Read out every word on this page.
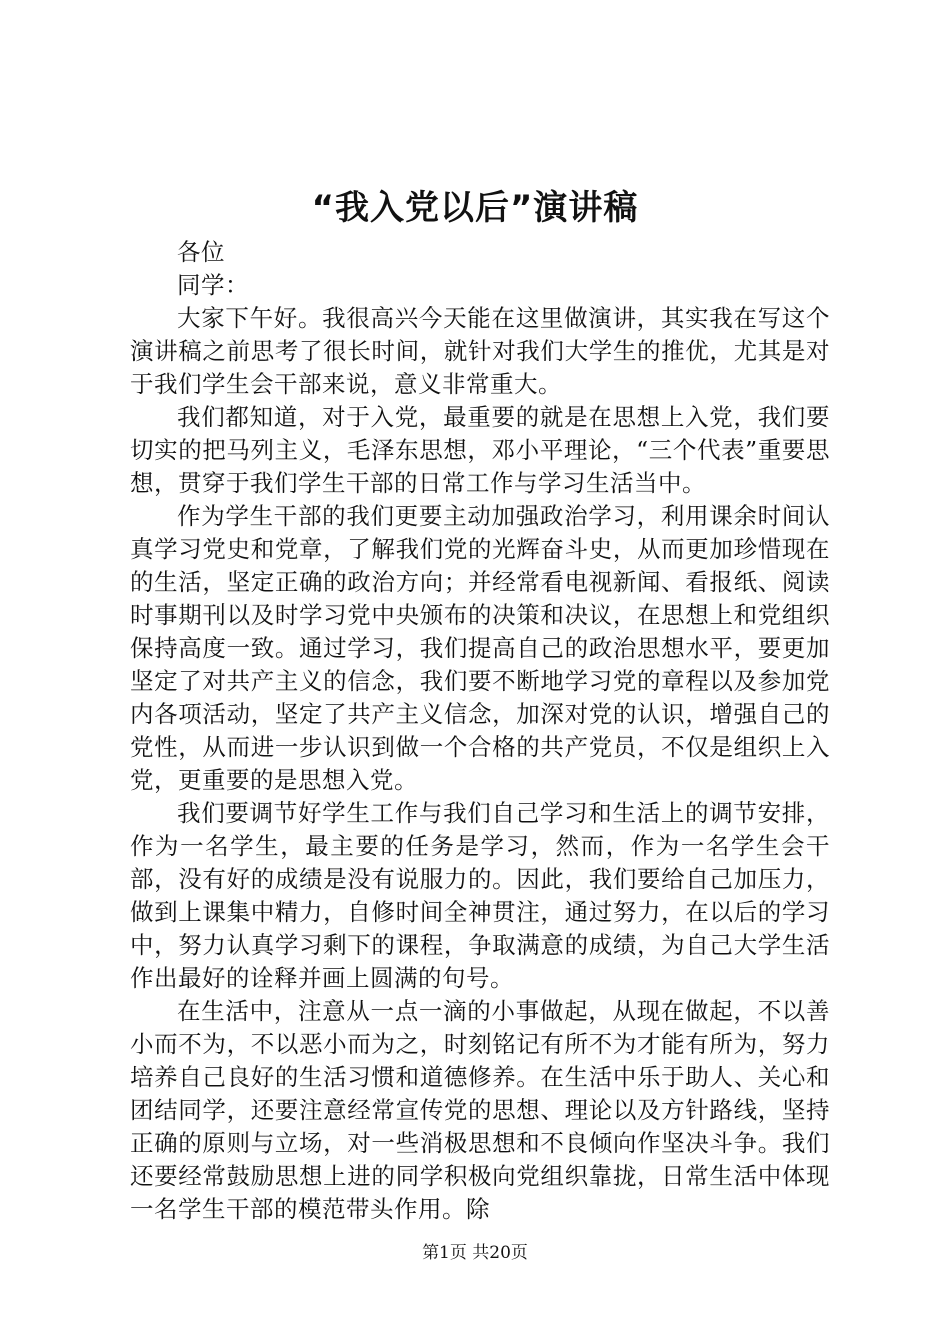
“我入党以后”演讲稿

各位

同学：

大家下午好。我很高兴今天能在这里做演讲，其实我在写这个演讲稿之前思考了很长时间，就针对我们大学生的推优，尤其是对于我们学生会干部来说，意义非常重大。

我们都知道，对于入党，最重要的就是在思想上入党，我们要切实的把马列主义，毛泽东思想，邓小平理论，“三个代表”重要思想，贯穿于我们学生干部的日常工作与学习生活当中。

作为学生干部的我们更要主动加强政治学习，利用课余时间认真学习党史和党章，了解我们党的光辉奋斗史，从而更加珍惜现在的生活，坚定正确的政治方向；并经常看电视新闻、看报纸、阅读时事期刊以及时学习党中央颁布的决策和决议，在思想上和党组织保持高度一致。通过学习，我们提高自己的政治思想水平，要更加坚定了对共产主义的信念，我们要不断地学习党的章程以及参加党内各项活动，坚定了共产主义信念，加深对党的认识，增强自己的党性，从而进一步认识到做一个合格的共产党员，不仅是组织上入党，更重要的是思想入党。

我们要调节好学生工作与我们自己学习和生活上的调节安排，作为一名学生，最主要的任务是学习，然而，作为一名学生会干部，没有好的成绩是没有说服力的。因此，我们要给自己加压力，做到上课集中精力，自修时间全神贯注，通过努力，在以后的学习中，努力认真学习剩下的课程，争取满意的成绩，为自己大学生活作出最好的诠释并画上圆满的句号。

在生活中，注意从一点一滴的小事做起，从现在做起，不以善小而不为，不以恶小而为之，时刻铭记有所不为才能有所为，努力培养自己良好的生活习惯和道德修养。在生活中乐于助人、关心和团结同学，还要注意经常宣传党的思想、理论以及方针路线，坚持正确的原则与立场，对一些消极思想和不良倾向作坚决斗争。我们还要经常鼓励思想上进的同学积极向党组织靠拢，日常生活中体现一名学生干部的模范带头作用。除

第1页 共20页
